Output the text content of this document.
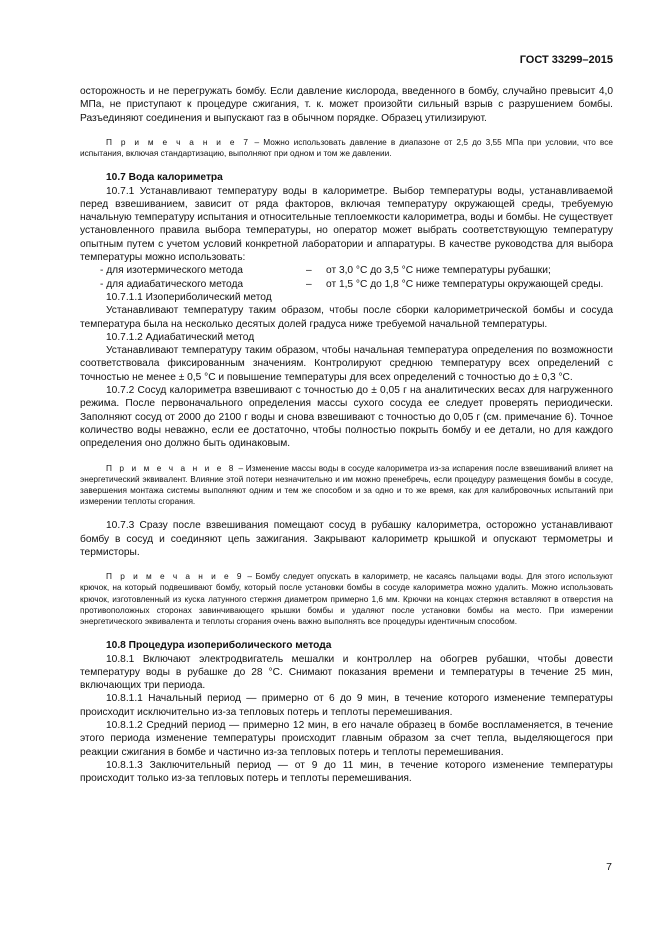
ГОСТ 33299–2015

осторожность и не перегружать бомбу. Если давление кислорода, введенного в бомбу, случайно превысит 4,0 МПа, не приступают к процедуре сжигания, т. к. может произойти сильный взрыв с разрушением бомбы. Разъединяют соединения и выпускают газ в обычном порядке. Образец утилизируют.

П р и м е ч а н и е 7 – Можно использовать давление в диапазоне от 2,5 до 3,55 МПа при условии, что все испытания, включая стандартизацию, выполняют при одном и том же давлении.
10.7 Вода калориметра

10.7.1 Устанавливают температуру воды в калориметре. Выбор температуры воды, устанавливаемой перед взвешиванием, зависит от ряда факторов, включая температуру окружающей среды, требуемую начальную температуру испытания и относительные теплоемкости калориметра, воды и бомбы. Не существует установленного правила выбора температуры, но оператор может выбрать соответствующую температуру опытным путем с учетом условий конкретной лаборатории и аппаратуры. В качестве руководства для выбора температуры можно использовать:

- для изотермического метода	–	от 3,0 °С до 3,5 °С ниже температуры рубашки;
- для адиабатического метода	–	от 1,5 °С до 1,8 °С ниже температуры окружающей среды.

10.7.1.1 Изопериболический метод

Устанавливают температуру таким образом, чтобы после сборки калориметрической бомбы и сосуда температура была на несколько десятых долей градуса ниже требуемой начальной температуры.

10.7.1.2 Адиабатический метод

Устанавливают температуру таким образом, чтобы начальная температура определения по возможности соответствовала фиксированным значениям. Контролируют среднюю температуру всех определений с точностью не менее ± 0,5 °С и повышение температуры для всех определений с точностью до ± 0,3 °С.

10.7.2 Сосуд калориметра взвешивают с точностью до ± 0,05 г на аналитических весах для нагруженного режима. После первоначального определения массы сухого сосуда ее следует проверять периодически. Заполняют сосуд от 2000 до 2100 г воды и снова взвешивают с точностью до 0,05 г (см. примечание 6). Точное количество воды неважно, если ее достаточно, чтобы полностью покрыть бомбу и ее детали, но для каждого определения оно должно быть одинаковым.

П р и м е ч а н и е 8 – Изменение массы воды в сосуде калориметра из-за испарения после взвешиваний влияет на энергетический эквивалент. Влияние этой потери незначительно и им можно пренебречь, если процедуру размещения бомбы в сосуде, завершения монтажа системы выполняют одним и тем же способом и за одно и то же время, как для калибровочных испытаний при измерении теплоты сгорания.

10.7.3 Сразу после взвешивания помещают сосуд в рубашку калориметра, осторожно устанавливают бомбу в сосуд и соединяют цепь зажигания. Закрывают калориметр крышкой и опускают термометры и термисторы.

П р и м е ч а н и е 9 – Бомбу следует опускать в калориметр, не касаясь пальцами воды. Для этого используют крючок, на который подвешивают бомбу, который после установки бомбы в сосуде калориметра можно удалить. Можно использовать крючок, изготовленный из куска латунного стержня диаметром примерно 1,6 мм. Крючки на концах стержня вставляют в отверстия на противоположных сторонах завинчивающего крышки бомбы и удаляют после установки бомбы на место. При измерении энергетического эквивалента и теплоты сгорания очень важно выполнять все процедуры идентичным способом.
10.8 Процедура изопериболического метода

10.8.1 Включают электродвигатель мешалки и контроллер на обогрев рубашки, чтобы довести температуру воды в рубашке до 28 °С. Снимают показания времени и температуры в течение 25 мин, включающих три периода.

10.8.1.1 Начальный период — примерно от 6 до 9 мин, в течение которого изменение температуры происходит исключительно из-за тепловых потерь и теплоты перемешивания.

10.8.1.2 Средний период — примерно 12 мин, в его начале образец в бомбе воспламеняется, в течение этого периода изменение температуры происходит главным образом за счет тепла, выделяющегося при реакции сжигания в бомбе и частично из-за тепловых потерь и теплоты перемешивания.

10.8.1.3 Заключительный период — от 9 до 11 мин, в течение которого изменение температуры происходит только из-за тепловых потерь и теплоты перемешивания.

7
